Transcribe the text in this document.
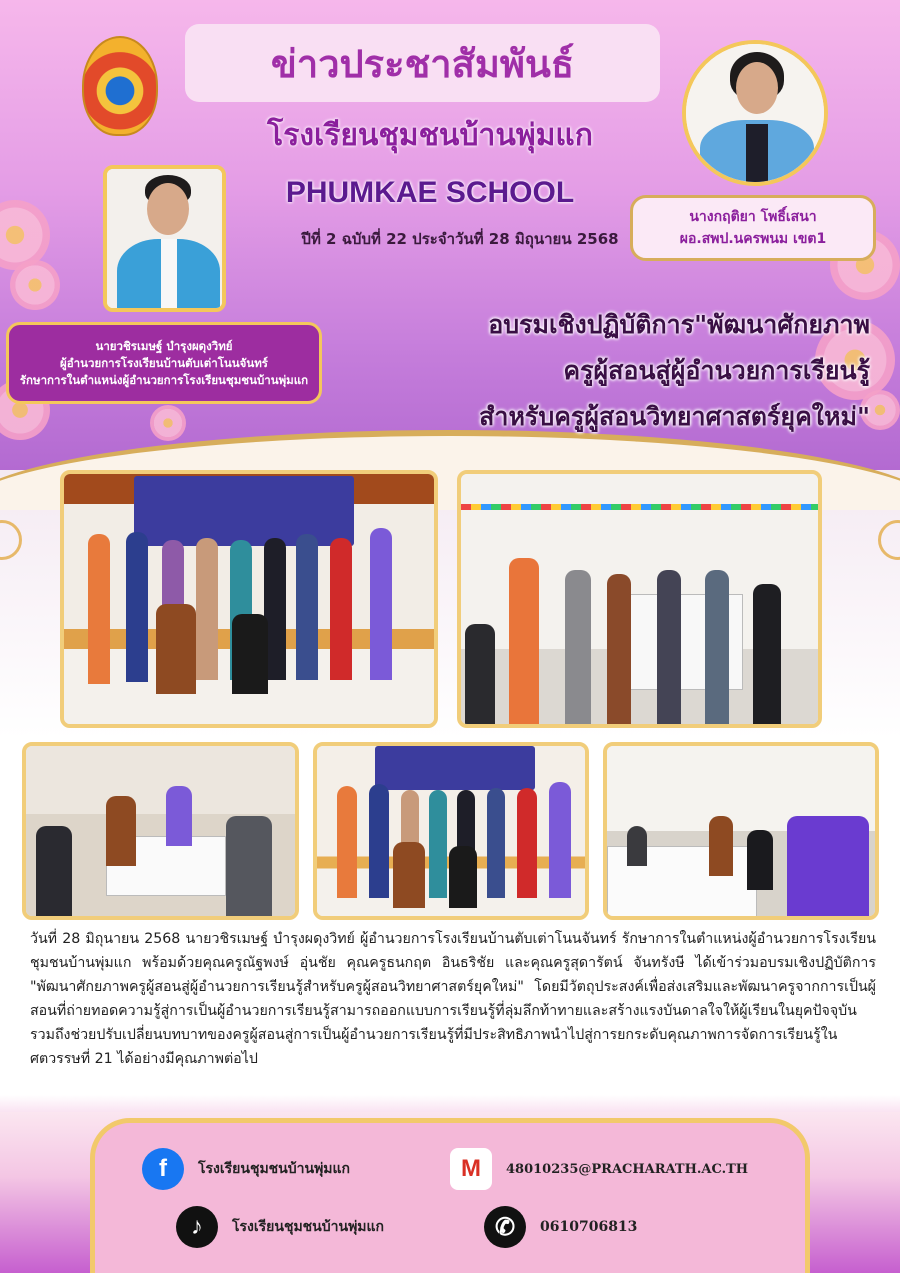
ข่าวประชาสัมพันธ์
โรงเรียนชุมชนบ้านพุ่มแก
PHUMKAE SCHOOL
ปีที่ 2 ฉบับที่ 22 ประจำวันที่ 28 มิถุนายน 2568
นายวชิรเมษฐ์ บำรุงผดุงวิทย์
ผู้อำนวยการโรงเรียนบ้านตับเต่าโนนจันทร์
รักษาการในตำแหน่งผู้อำนวยการโรงเรียนชุมชนบ้านพุ่มแก
นางกฤติยา โพธิ์เสนา
ผอ.สพป.นครพนม เขต1
อบรมเชิงปฏิบัติการ"พัฒนาศักยภาพ
ครูผู้สอนสู่ผู้อำนวยการเรียนรู้
สำหรับครูผู้สอนวิทยาศาสตร์ยุคใหม่"
วันที่ 28 มิถุนายน 2568 นายวชิรเมษฐ์ บำรุงผดุงวิทย์ ผู้อำนวยการโรงเรียนบ้านตับเต่าโนนจันทร์ รักษาการในตำแหน่งผู้อำนวยการโรงเรียนชุมชนบ้านพุ่มแก พร้อมด้วยคุณครูณัฐพงษ์ อุ่นชัย คุณครูธนกฤต อินธริชัย และคุณครูสุดารัตน์ จันทรังษี ได้เข้าร่วมอบรมเชิงปฏิบัติการ "พัฒนาศักยภาพครูผู้สอนสู่ผู้อำนวยการเรียนรู้สำหรับครูผู้สอนวิทยาศาสตร์ยุคใหม่" โดยมีวัตถุประสงค์เพื่อส่งเสริมและพัฒนาครูจากการเป็นผู้สอนที่ถ่ายทอดความรู้สู่การเป็นผู้อำนวยการเรียนรู้สามารถออกแบบการเรียนรู้ที่ลุ่มลึกท้าทายและสร้างแรงบันดาลใจให้ผู้เรียนในยุคปัจจุบันรวมถึงช่วยปรับเปลี่ยนบทบาทของครูผู้สอนสู่การเป็นผู้อำนวยการเรียนรู้ที่มีประสิทธิภาพนำไปสู่การยกระดับคุณภาพการจัดการเรียนรู้ในศตวรรษที่ 21 ได้อย่างมีคุณภาพต่อไป
f	โรงเรียนชุมชนบ้านพุ่มแก	M	48010235@PRACHARATH.AC.TH
♪	โรงเรียนชุมชนบ้านพุ่มแก	✆	0610706813
